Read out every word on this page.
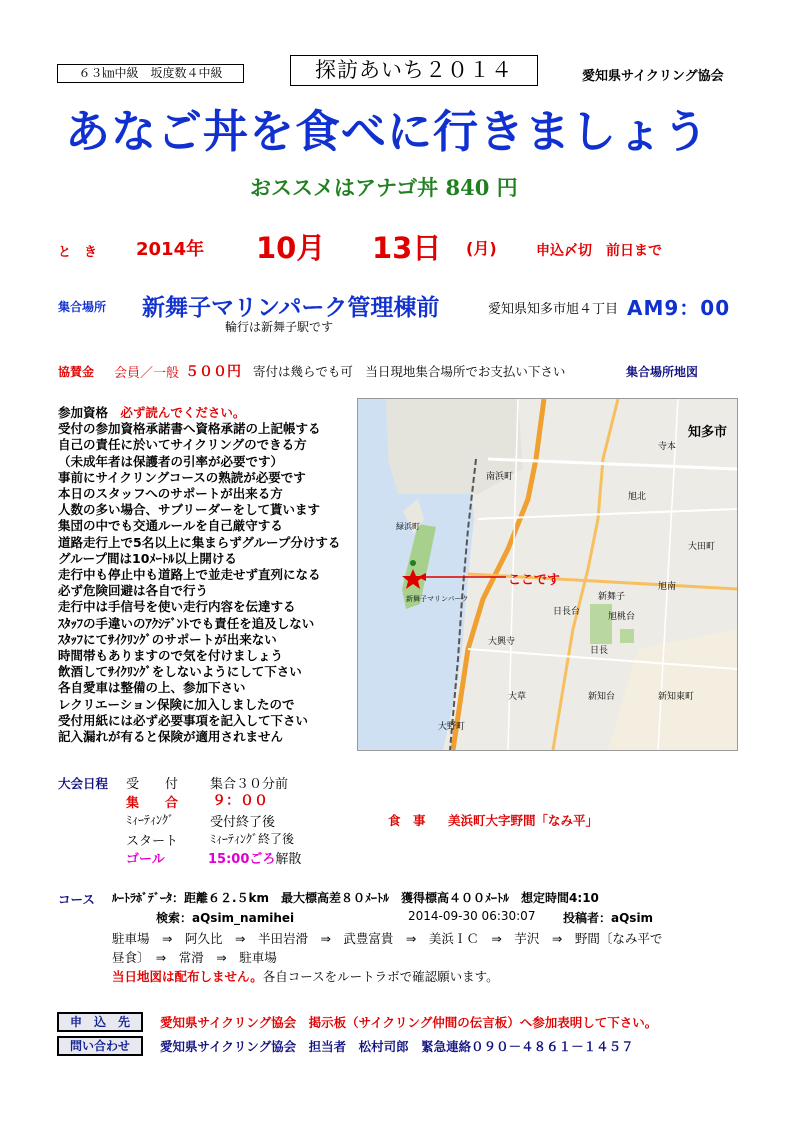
６３㎞中級　坂度数４中級	探訪あいち２０１４	愛知県サイクリング協会
あなご丼を食べに行きましょう
おススメはアナゴ丼 840 円
と　き 2014年 10月 13日 (月)	申込〆切　前日まで
集合場所 新舞子マリンパーク管理棟前	愛知県知多市旭４丁目 AM9：00
輪行は新舞子駅です
協賛金 会員／一般 ５００円 寄付は幾らでも可　当日現地集合場所でお支払い下さい	集合場所地図
参加資格 必ず読んでください。
受付の参加資格承諾書へ資格承諾の上記帳する
自己の責任に於いてサイクリングのできる方
（未成年者は保護者の引率が必要です）
事前にサイクリングコースの熟読が必要です
本日のスタッフへのサポートが出来る方
人数の多い場合、サブリーダーをして貰います
集団の中でも交通ルールを自己厳守する
道路走行上で5名以上に集まらずグループ分けする
グループ間は10ﾒｰﾄﾙ以上開ける
走行中も停止中も道路上で並走せず直列になる
必ず危険回避は各自で行う
走行中は手信号を使い走行内容を伝達する
ｽﾀｯﾌの手違いのｱｸｼﾃﾞﾝﾄでも責任を追及しない
ｽﾀｯﾌにてｻｲｸﾘﾝｸﾞのサポートが出来ない
時間帯もありますので気を付けましょう
飲酒してｻｲｸﾘﾝｸﾞをしないようにして下さい
各自愛車は整備の上、参加下さい
レクリエーション保険に加入しましたので
受付用紙には必ず必要事項を記入して下さい
記入漏れが有ると保険が適用されません
ここです
南浜町
新舞子
旭南
大興寺
知多市
日長
大草
大野町
緑浜町
新舞子マリンパーク
日長台
大田町
新知台	新知東町
旭桃台
旭北
寺本
大会日程 受　　付 集合３０分前
集　　合 ９：００
ﾐｨｰﾃｨﾝｸﾞ	受付終了後
スタート	ﾐｨｰﾃｨﾝｸﾞ終了後
ゴール	15:00ごろ解散
食　事 美浜町大字野間「なみ平」
コース ﾙｰﾄﾗﾎﾞﾃﾞｰﾀ：距離６２.５km　最大標高差８０ﾒｰﾄﾙ　獲得標高４００ﾒｰﾄﾙ　想定時間4:10
検索：aQsim_namihei	2014-09-30 06:30:07 投稿者：aQsim
駐車場　⇒　阿久比　⇒　半田岩滑　⇒　武豊富貴　⇒　美浜ＩＣ　⇒　芋沢　⇒　野間〔なみ平で
昼食〕　⇒　常滑　⇒　駐車場
当日地図は配布しません。各自コースをルートラボで確認願います。
申　込　先	愛知県サイクリング協会　掲示板（サイクリング仲間の伝言板）へ参加表明して下さい。
問い合わせ	愛知県サイクリング協会　担当者　松村司郎　緊急連絡０９０－４８６１－１４５７
